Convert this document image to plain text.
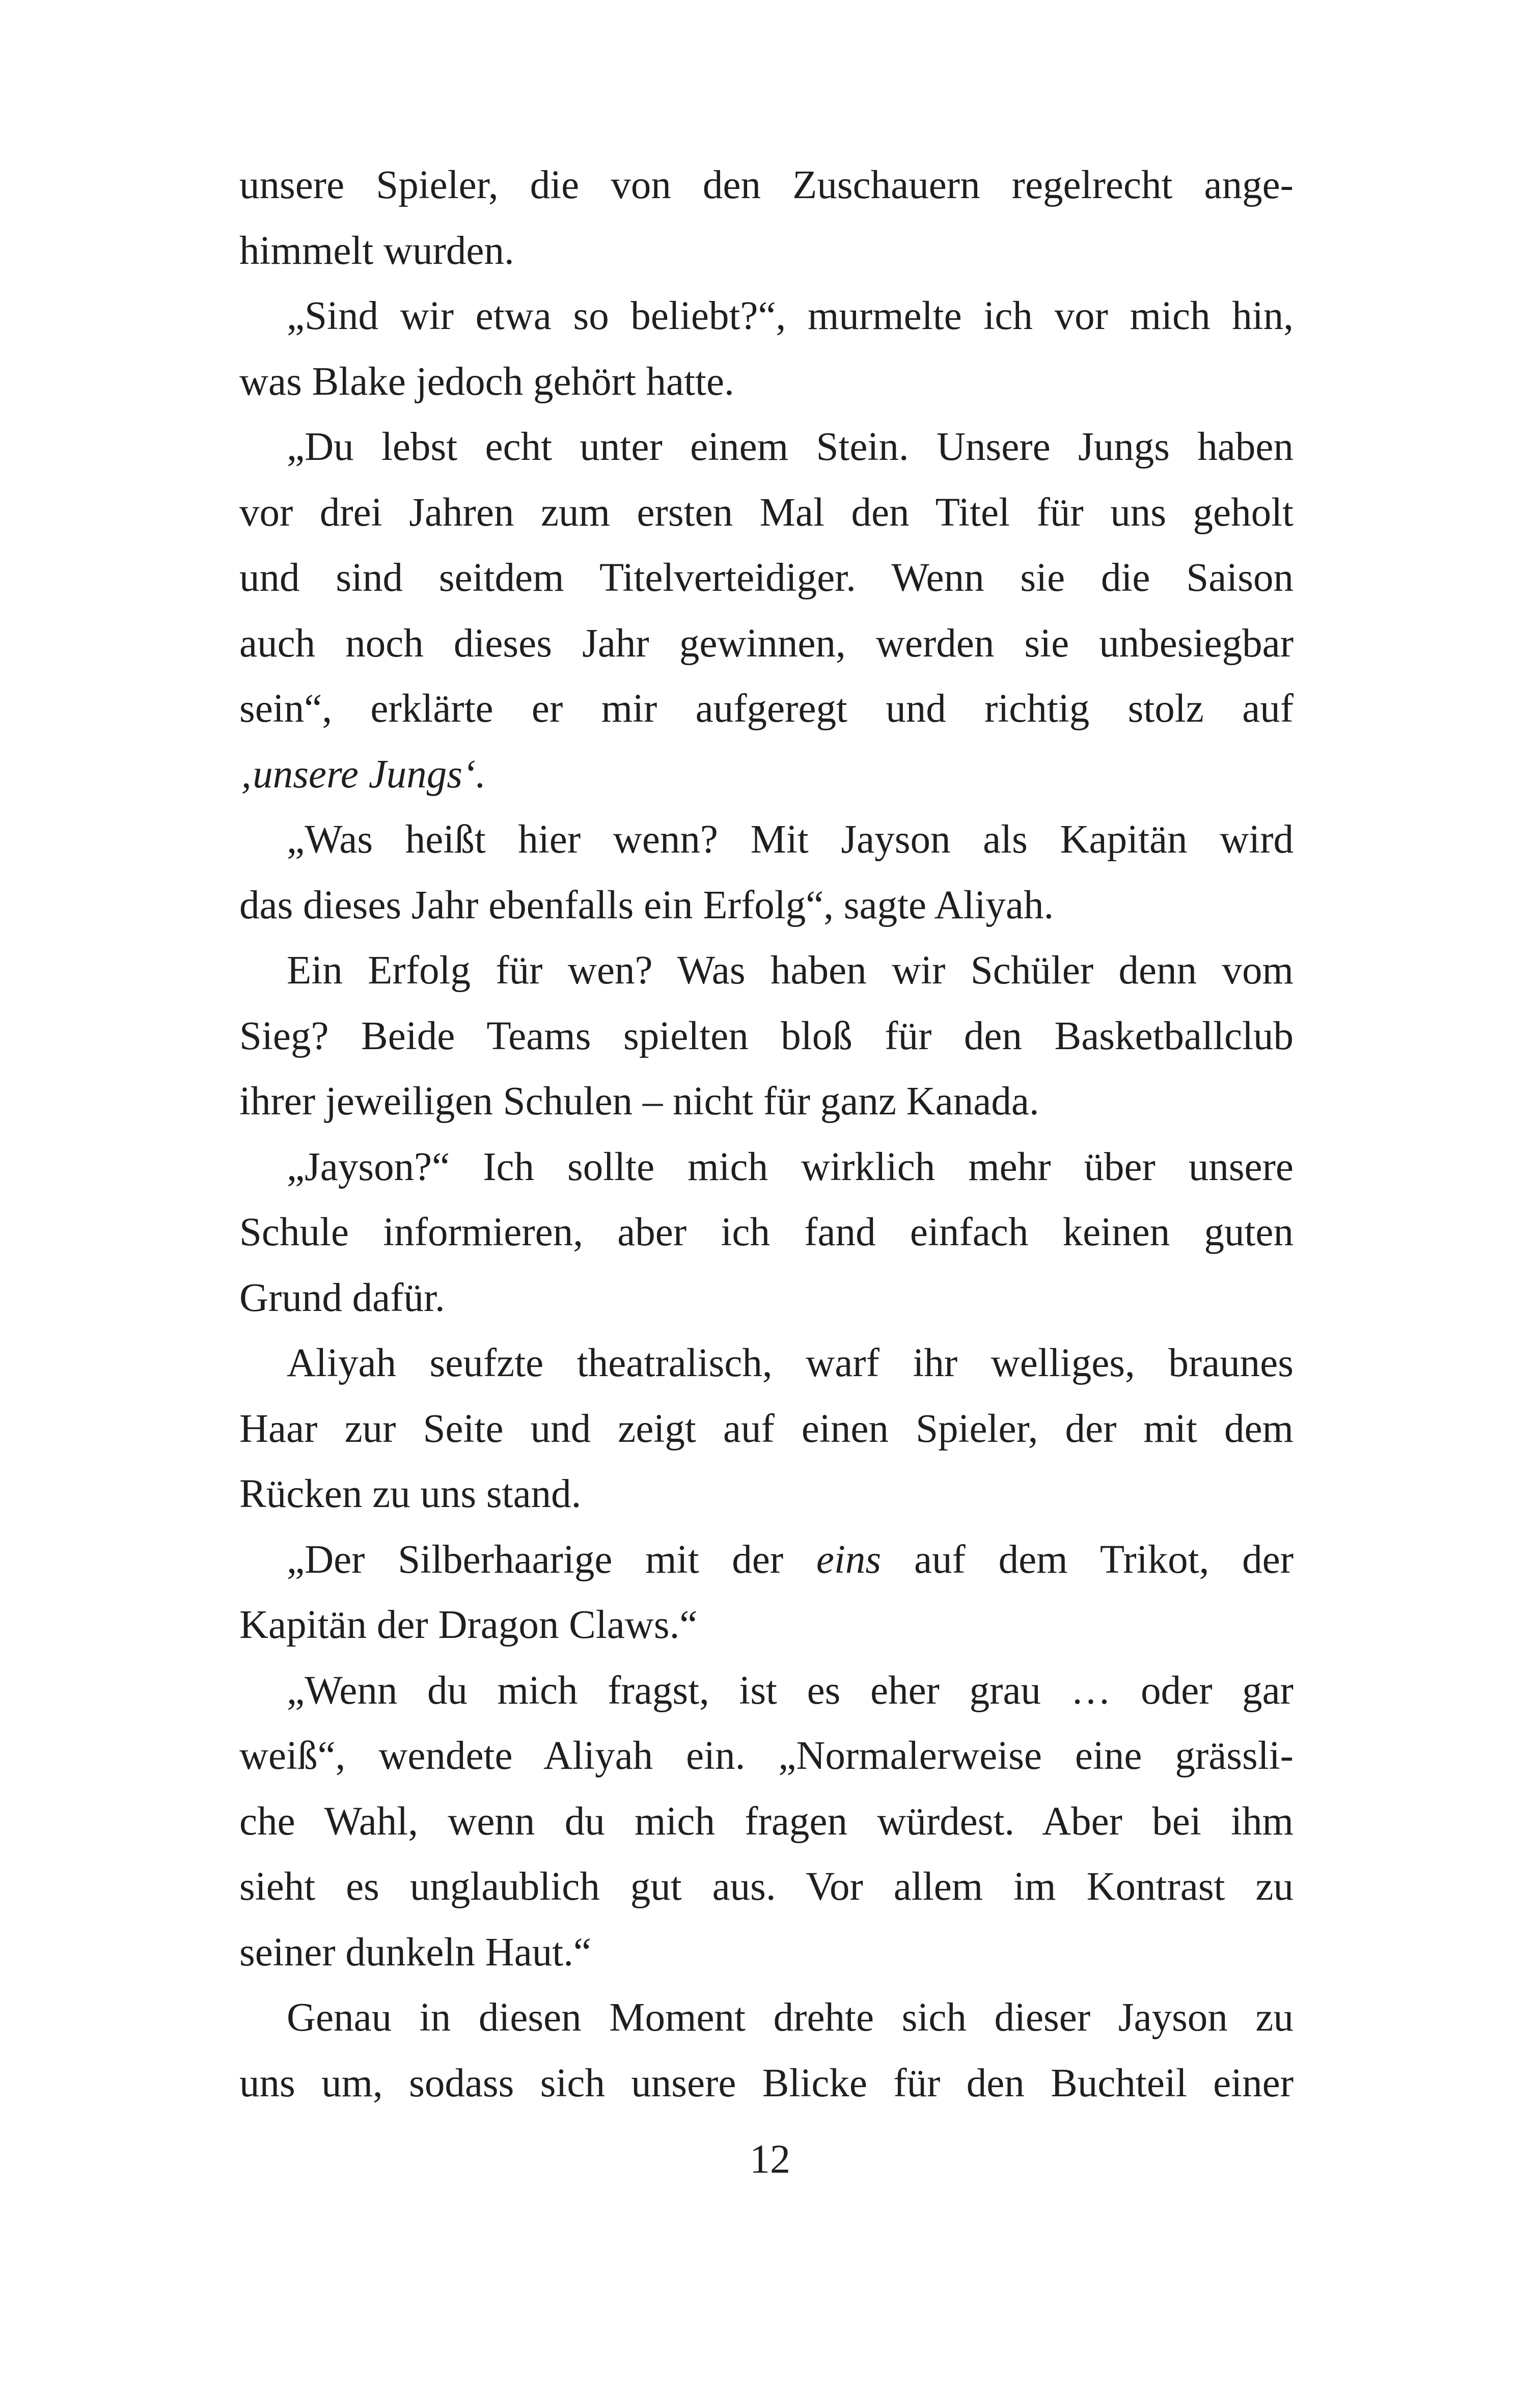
unsere Spieler, die von den Zuschauern regelrecht ange-
himmelt wurden.

„Sind wir etwa so beliebt?“, murmelte ich vor mich hin,
was Blake jedoch gehört hatte.

„Du lebst echt unter einem Stein. Unsere Jungs haben
vor drei Jahren zum ersten Mal den Titel für uns geholt
und sind seitdem Titelverteidiger. Wenn sie die Saison
auch noch dieses Jahr gewinnen, werden sie unbesiegbar
sein“, erklärte er mir aufgeregt und richtig stolz auf
‚unsere Jungs‘.

„Was heißt hier wenn? Mit Jayson als Kapitän wird
das dieses Jahr ebenfalls ein Erfolg“, sagte Aliyah.

Ein Erfolg für wen? Was haben wir Schüler denn vom
Sieg? Beide Teams spielten bloß für den Basketballclub
ihrer jeweiligen Schulen – nicht für ganz Kanada.

„Jayson?“ Ich sollte mich wirklich mehr über unsere
Schule informieren, aber ich fand einfach keinen guten
Grund dafür.

Aliyah seufzte theatralisch, warf ihr welliges, braunes
Haar zur Seite und zeigt auf einen Spieler, der mit dem
Rücken zu uns stand.

„Der Silberhaarige mit der eins auf dem Trikot, der
Kapitän der Dragon Claws.“

„Wenn du mich fragst, ist es eher grau … oder gar
weiß“, wendete Aliyah ein. „Normalerweise eine grässli-
che Wahl, wenn du mich fragen würdest. Aber bei ihm
sieht es unglaublich gut aus. Vor allem im Kontrast zu
seiner dunkeln Haut.“

Genau in diesen Moment drehte sich dieser Jayson zu
uns um, sodass sich unsere Blicke für den Buchteil einer

12
